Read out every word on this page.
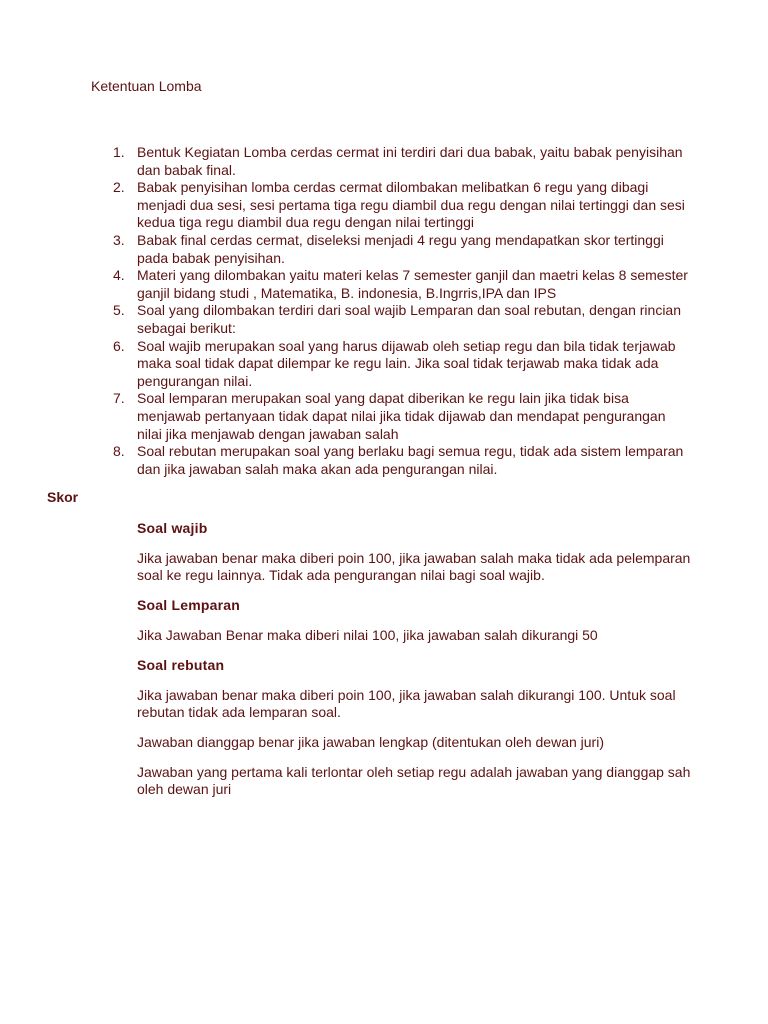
Ketentuan Lomba
1. Bentuk Kegiatan Lomba cerdas cermat ini terdiri dari dua babak, yaitu babak penyisihan dan babak final.
2. Babak penyisihan lomba cerdas cermat dilombakan melibatkan 6 regu yang dibagi menjadi dua sesi, sesi pertama tiga regu diambil dua regu dengan nilai tertinggi dan sesi kedua tiga regu diambil dua regu dengan nilai tertinggi
3. Babak final cerdas cermat, diseleksi menjadi 4 regu yang mendapatkan skor tertinggi pada babak penyisihan.
4. Materi yang dilombakan yaitu materi kelas 7 semester ganjil dan maetri kelas 8 semester ganjil bidang studi , Matematika, B. indonesia, B.Ingrris,IPA dan IPS
5. Soal yang dilombakan terdiri dari soal wajib Lemparan dan soal rebutan, dengan rincian sebagai berikut:
6. Soal wajib merupakan soal yang harus dijawab oleh setiap regu dan bila tidak terjawab maka soal tidak dapat dilempar ke regu lain. Jika soal tidak terjawab maka tidak ada pengurangan nilai.
7. Soal lemparan merupakan soal yang dapat diberikan ke regu lain jika tidak bisa menjawab pertanyaan tidak dapat nilai jika tidak dijawab dan mendapat pengurangan nilai jika menjawab dengan jawaban salah
8. Soal rebutan merupakan soal yang berlaku bagi semua regu, tidak ada sistem lemparan dan jika jawaban salah maka akan ada pengurangan nilai.
Skor
Soal wajib

Jika jawaban benar maka diberi poin 100, jika jawaban salah maka tidak ada pelemparan soal ke regu lainnya. Tidak ada pengurangan nilai bagi soal wajib.

Soal Lemparan

Jika Jawaban Benar maka diberi nilai 100, jika jawaban salah dikurangi 50

Soal rebutan

Jika jawaban benar maka diberi poin 100, jika jawaban salah dikurangi 100. Untuk soal rebutan tidak ada lemparan soal.

Jawaban dianggap benar jika jawaban lengkap (ditentukan oleh dewan juri)

Jawaban yang pertama kali terlontar oleh setiap regu adalah jawaban yang dianggap sah oleh dewan juri
